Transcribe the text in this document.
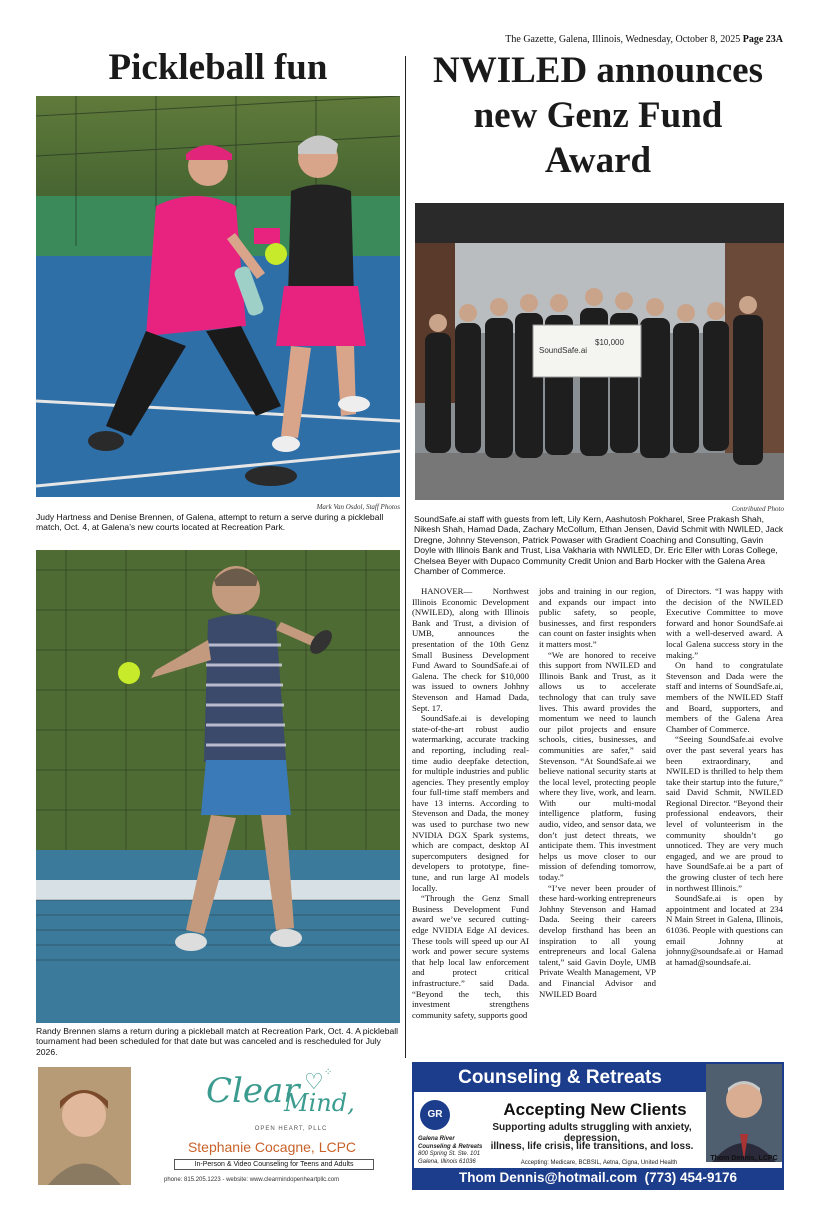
The Gazette, Galena, Illinois, Wednesday, October 8, 2025 Page 23A
Pickleball fun
Mark Van Osdol, Staff Photos
Judy Hartness and Denise Brennen, of Galena, attempt to return a serve during a pickleball match, Oct. 4, at Galena’s new courts located at Recreation Park.
Randy Brennen slams a return during a pickleball match at Recreation Park, Oct. 4. A pickleball tournament had been scheduled for that date but was canceled and is rescheduled for July 2026.
NWILED announces
new Genz Fund
Award
SoundSafe.ai
$10,000
Contributed Photo
SoundSafe.ai staff with guests from left, Lily Kern, Aashutosh Pokharel, Sree Prakash Shah, Nikesh Shah, Hamad Dada, Zachary McCollum, Ethan Jensen, David Schmit with NWILED, Jack Dregne, Johnny Stevenson, Patrick Powaser with Gradient Coaching and Consulting, Gavin Doyle with Illinois Bank and Trust, Lisa Vakharia with NWILED, Dr. Eric Eller with Loras College, Chelsea Beyer with Dupaco Community Credit Union and Barb Hocker with the Galena Area Chamber of Commerce.

HANOVER— Northwest Illinois Economic Development (NWILED), along with Illinois Bank and Trust, a division of UMB, announces the presentation of the 10th Genz Small Business Development Fund Award to SoundSafe.ai of Galena. The check for $10,000 was issued to owners Johhny Stevenson and Hamad Dada, Sept. 17.

SoundSafe.ai is developing state-of-the-art robust audio watermarking, accurate tracking and reporting, including real-time audio deepfake detection, for multiple industries and public agencies. They presently employ four full-time staff members and have 13 interns. According to Stevenson and Dada, the money was used to purchase two new NVIDIA DGX Spark systems, which are compact, desktop AI supercomputers designed for developers to prototype, fine-tune, and run large AI models locally.

“Through the Genz Small Business Development Fund award we’ve secured cutting-edge NVIDIA Edge AI devices. These tools will speed up our AI work and power secure systems that help local law enforcement and protect critical infrastructure.” said Dada. “Beyond the tech, this investment strengthens community safety, supports good

jobs and training in our region, and expands our impact into public safety, so people, businesses, and first responders can count on faster insights when it matters most.”

“We are honored to receive this support from NWILED and Illinois Bank and Trust, as it allows us to accelerate technology that can truly save lives. This award provides the momentum we need to launch our pilot projects and ensure schools, cities, businesses, and communities are safer,” said Stevenson. “At SoundSafe.ai we believe national security starts at the local level, protecting people where they live, work, and learn. With our multi-modal intelligence platform, fusing audio, video, and sensor data, we don’t just detect threats, we anticipate them. This investment helps us move closer to our mission of defending tomorrow, today.”

“I’ve never been prouder of these hard-working entrepreneurs Johhny Stevenson and Hamad Dada. Seeing their careers develop firsthand has been an inspiration to all young entrepreneurs and local Galena talent,” said Gavin Doyle, UMB Private Wealth Management, VP and Financial Advisor and NWILED Board

of Directors. “I was happy with the decision of the NWILED Executive Committee to move forward and honor SoundSafe.ai with a well-deserved award. A local Galena success story in the making.”

On hand to congratulate Stevenson and Dada were the staff and interns of SoundSafe.ai, members of the NWILED Staff and Board, supporters, and members of the Galena Area Chamber of Commerce.

“Seeing SoundSafe.ai evolve over the past several years has been extraordinary, and NWILED is thrilled to help them take their startup into the future,” said David Schmit, NWILED Regional Director. “Beyond their professional endeavors, their level of volunteerism in the community shouldn’t go unnoticed. They are very much engaged, and we are proud to have SoundSafe.ai be a part of the growing cluster of tech here in northwest Illinois.”

SoundSafe.ai is open by appointment and located at 234 N Main Street in Galena, Illinois, 61036. People with questions can email Johnny at johnny@soundsafe.ai or Hamad at hamad@soundsafe.ai.

Clear ♡
Mind,
⁘
OPEN HEART, PLLC
Stephanie Cocagne, LCPC
In-Person & Video Counseling for Teens and Adults
phone: 815.205.1223 - website: www.clearmindopenheartpllc.com
Counseling & Retreats
Thom Dennis, LCPC
GR	Accepting New Clients
Supporting adults struggling with anxiety, depression,
illness, life crisis, life transitions, and loss.
Galena River
Counseling & Retreats
800 Spring St. Ste. 101
Galena, Illinois 61036	Accepting: Medicare, BCBSIL, Aetna, Cigna, United Health
Thom Dennis@hotmail.com  (773) 454-9176
